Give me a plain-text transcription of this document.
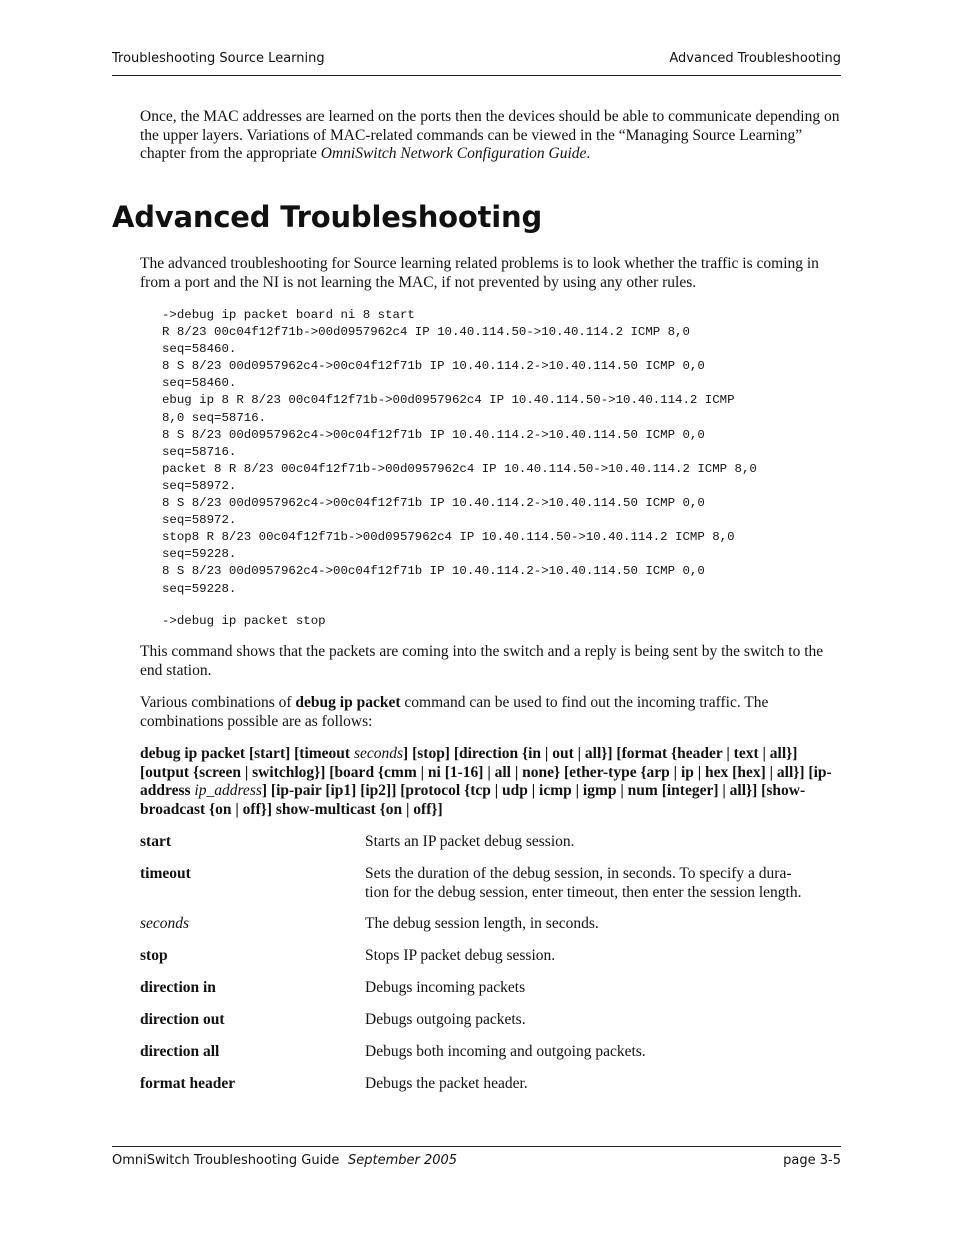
Troubleshooting Source Learning	Advanced Troubleshooting

Once, the MAC addresses are learned on the ports then the devices should be able to communicate depending on the upper layers. Variations of MAC-related commands can be viewed in the “Managing Source Learning” chapter from the appropriate OmniSwitch Network Configuration Guide.

Advanced Troubleshooting

The advanced troubleshooting for Source learning related problems is to look whether the traffic is coming in from a port and the NI is not learning the MAC, if not prevented by using any other rules.

->debug ip packet board ni 8 start
R 8/23 00c04f12f71b->00d0957962c4 IP 10.40.114.50->10.40.114.2 ICMP 8,0
seq=58460.
8 S 8/23 00d0957962c4->00c04f12f71b IP 10.40.114.2->10.40.114.50 ICMP 0,0
seq=58460.
ebug ip 8 R 8/23 00c04f12f71b->00d0957962c4 IP 10.40.114.50->10.40.114.2 ICMP
8,0 seq=58716.
8 S 8/23 00d0957962c4->00c04f12f71b IP 10.40.114.2->10.40.114.50 ICMP 0,0
seq=58716.
packet 8 R 8/23 00c04f12f71b->00d0957962c4 IP 10.40.114.50->10.40.114.2 ICMP 8,0
seq=58972.
8 S 8/23 00d0957962c4->00c04f12f71b IP 10.40.114.2->10.40.114.50 ICMP 0,0
seq=58972.
stop8 R 8/23 00c04f12f71b->00d0957962c4 IP 10.40.114.50->10.40.114.2 ICMP 8,0
seq=59228.
8 S 8/23 00d0957962c4->00c04f12f71b IP 10.40.114.2->10.40.114.50 ICMP 0,0
seq=59228.
->debug ip packet stop

This command shows that the packets are coming into the switch and a reply is being sent by the switch to the end station.

Various combinations of debug ip packet command can be used to find out the incoming traffic. The combinations possible are as follows:

debug ip packet [start] [timeout seconds] [stop] [direction {in | out | all}] [format {header | text | all}] [output {screen | switchlog}] [board {cmm | ni [1-16] | all | none} [ether-type {arp | ip | hex [hex] | all}] [ip-address ip_address] [ip-pair [ip1] [ip2]] [protocol {tcp | udp | icmp | igmp | num [integer] | all}] [show-broadcast {on | off}] show-multicast {on | off}]

start	Starts an IP packet debug session.
timeout	Sets the duration of the debug session, in seconds. To specify a dura-
tion for the debug session, enter timeout, then enter the session length.
seconds	The debug session length, in seconds.
stop	Stops IP packet debug session.
direction in	Debugs incoming packets
direction out	Debugs outgoing packets.
direction all	Debugs both incoming and outgoing packets.
format header	Debugs the packet header.
OmniSwitch Troubleshooting Guide September 2005	page 3-5
